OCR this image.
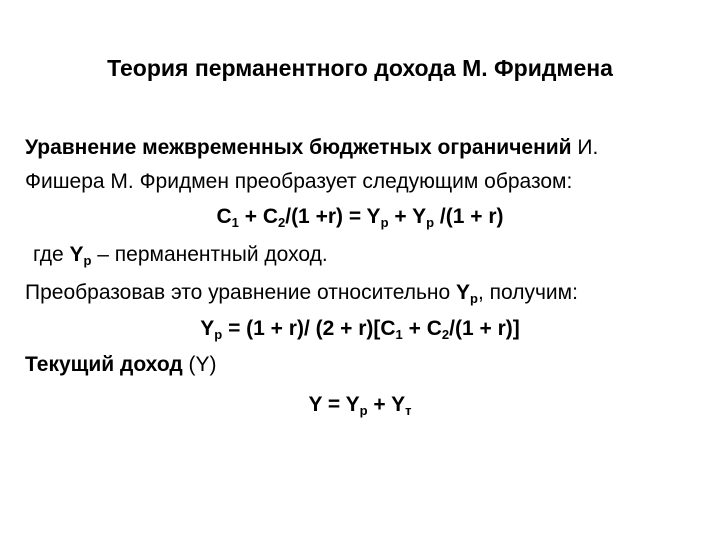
Теория перманентного дохода М. Фридмена
Уравнение межвременных бюджетных ограничений И.
Фишера М. Фридмен преобразует следующим образом:
$C_1 + C_2/(1 +r) = Y_p + Y_p$ /(1 + r)
где $Y_p$ – перманентный доход.
Преобразовав это уравнение относительно $Y_p$, получим:
$Y_p = (1 + r)/$ $(2 + r)[C_1 + C_2/(1 + r)]$
Текущий доход (Y)
$Y = Y_p + Y_т$
